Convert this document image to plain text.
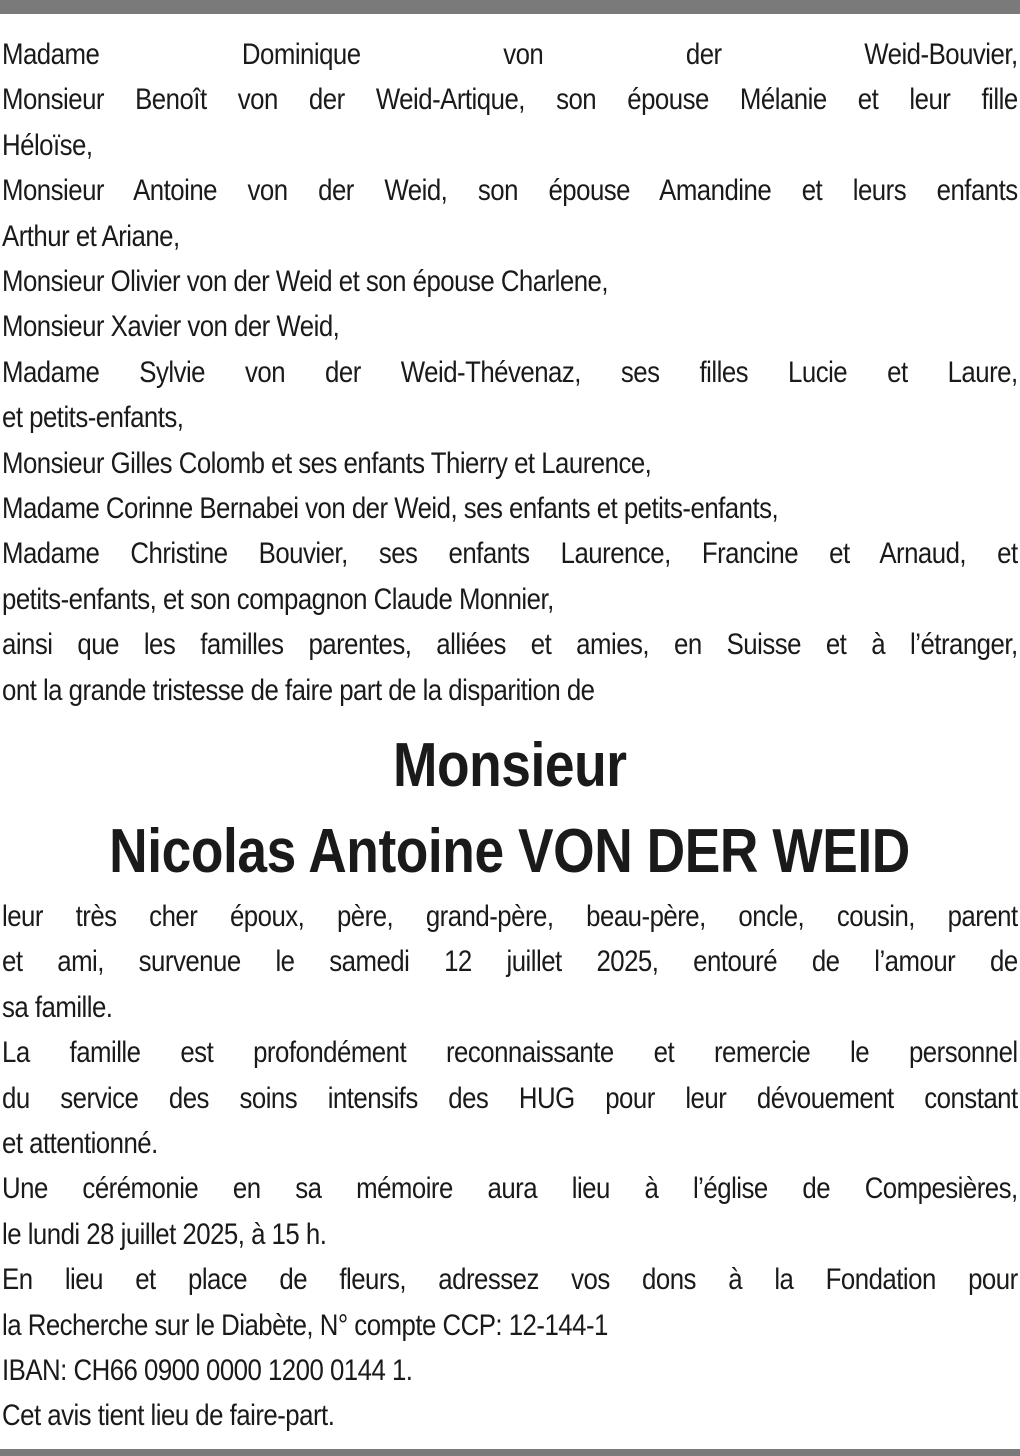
Madame Dominique von der Weid-Bouvier,
Monsieur Benoît von der Weid-Artique, son épouse Mélanie et leur fille
Héloïse,
Monsieur Antoine von der Weid, son épouse Amandine et leurs enfants
Arthur et Ariane,
Monsieur Olivier von der Weid et son épouse Charlene,
Monsieur Xavier von der Weid,
Madame Sylvie von der Weid-Thévenaz, ses filles Lucie et Laure,
et petits-enfants,
Monsieur Gilles Colomb et ses enfants Thierry et Laurence,
Madame Corinne Bernabei von der Weid, ses enfants et petits-enfants,
Madame Christine Bouvier, ses enfants Laurence, Francine et Arnaud, et
petits-enfants, et son compagnon Claude Monnier,
ainsi que les familles parentes, alliées et amies, en Suisse et à l’étranger,
ont la grande tristesse de faire part de la disparition de
Monsieur
Nicolas Antoine VON DER WEID
leur très cher époux, père, grand-père, beau-père, oncle, cousin, parent
et ami, survenue le samedi 12 juillet 2025, entouré de l’amour de
sa famille.
La famille est profondément reconnaissante et remercie le personnel
du service des soins intensifs des HUG pour leur dévouement constant
et attentionné.
Une cérémonie en sa mémoire aura lieu à l’église de Compesières,
le lundi 28 juillet 2025, à 15 h.
En lieu et place de fleurs, adressez vos dons à la Fondation pour
la Recherche sur le Diabète, N° compte CCP: 12-144-1
IBAN: CH66 0900 0000 1200 0144 1.
Cet avis tient lieu de faire-part.
